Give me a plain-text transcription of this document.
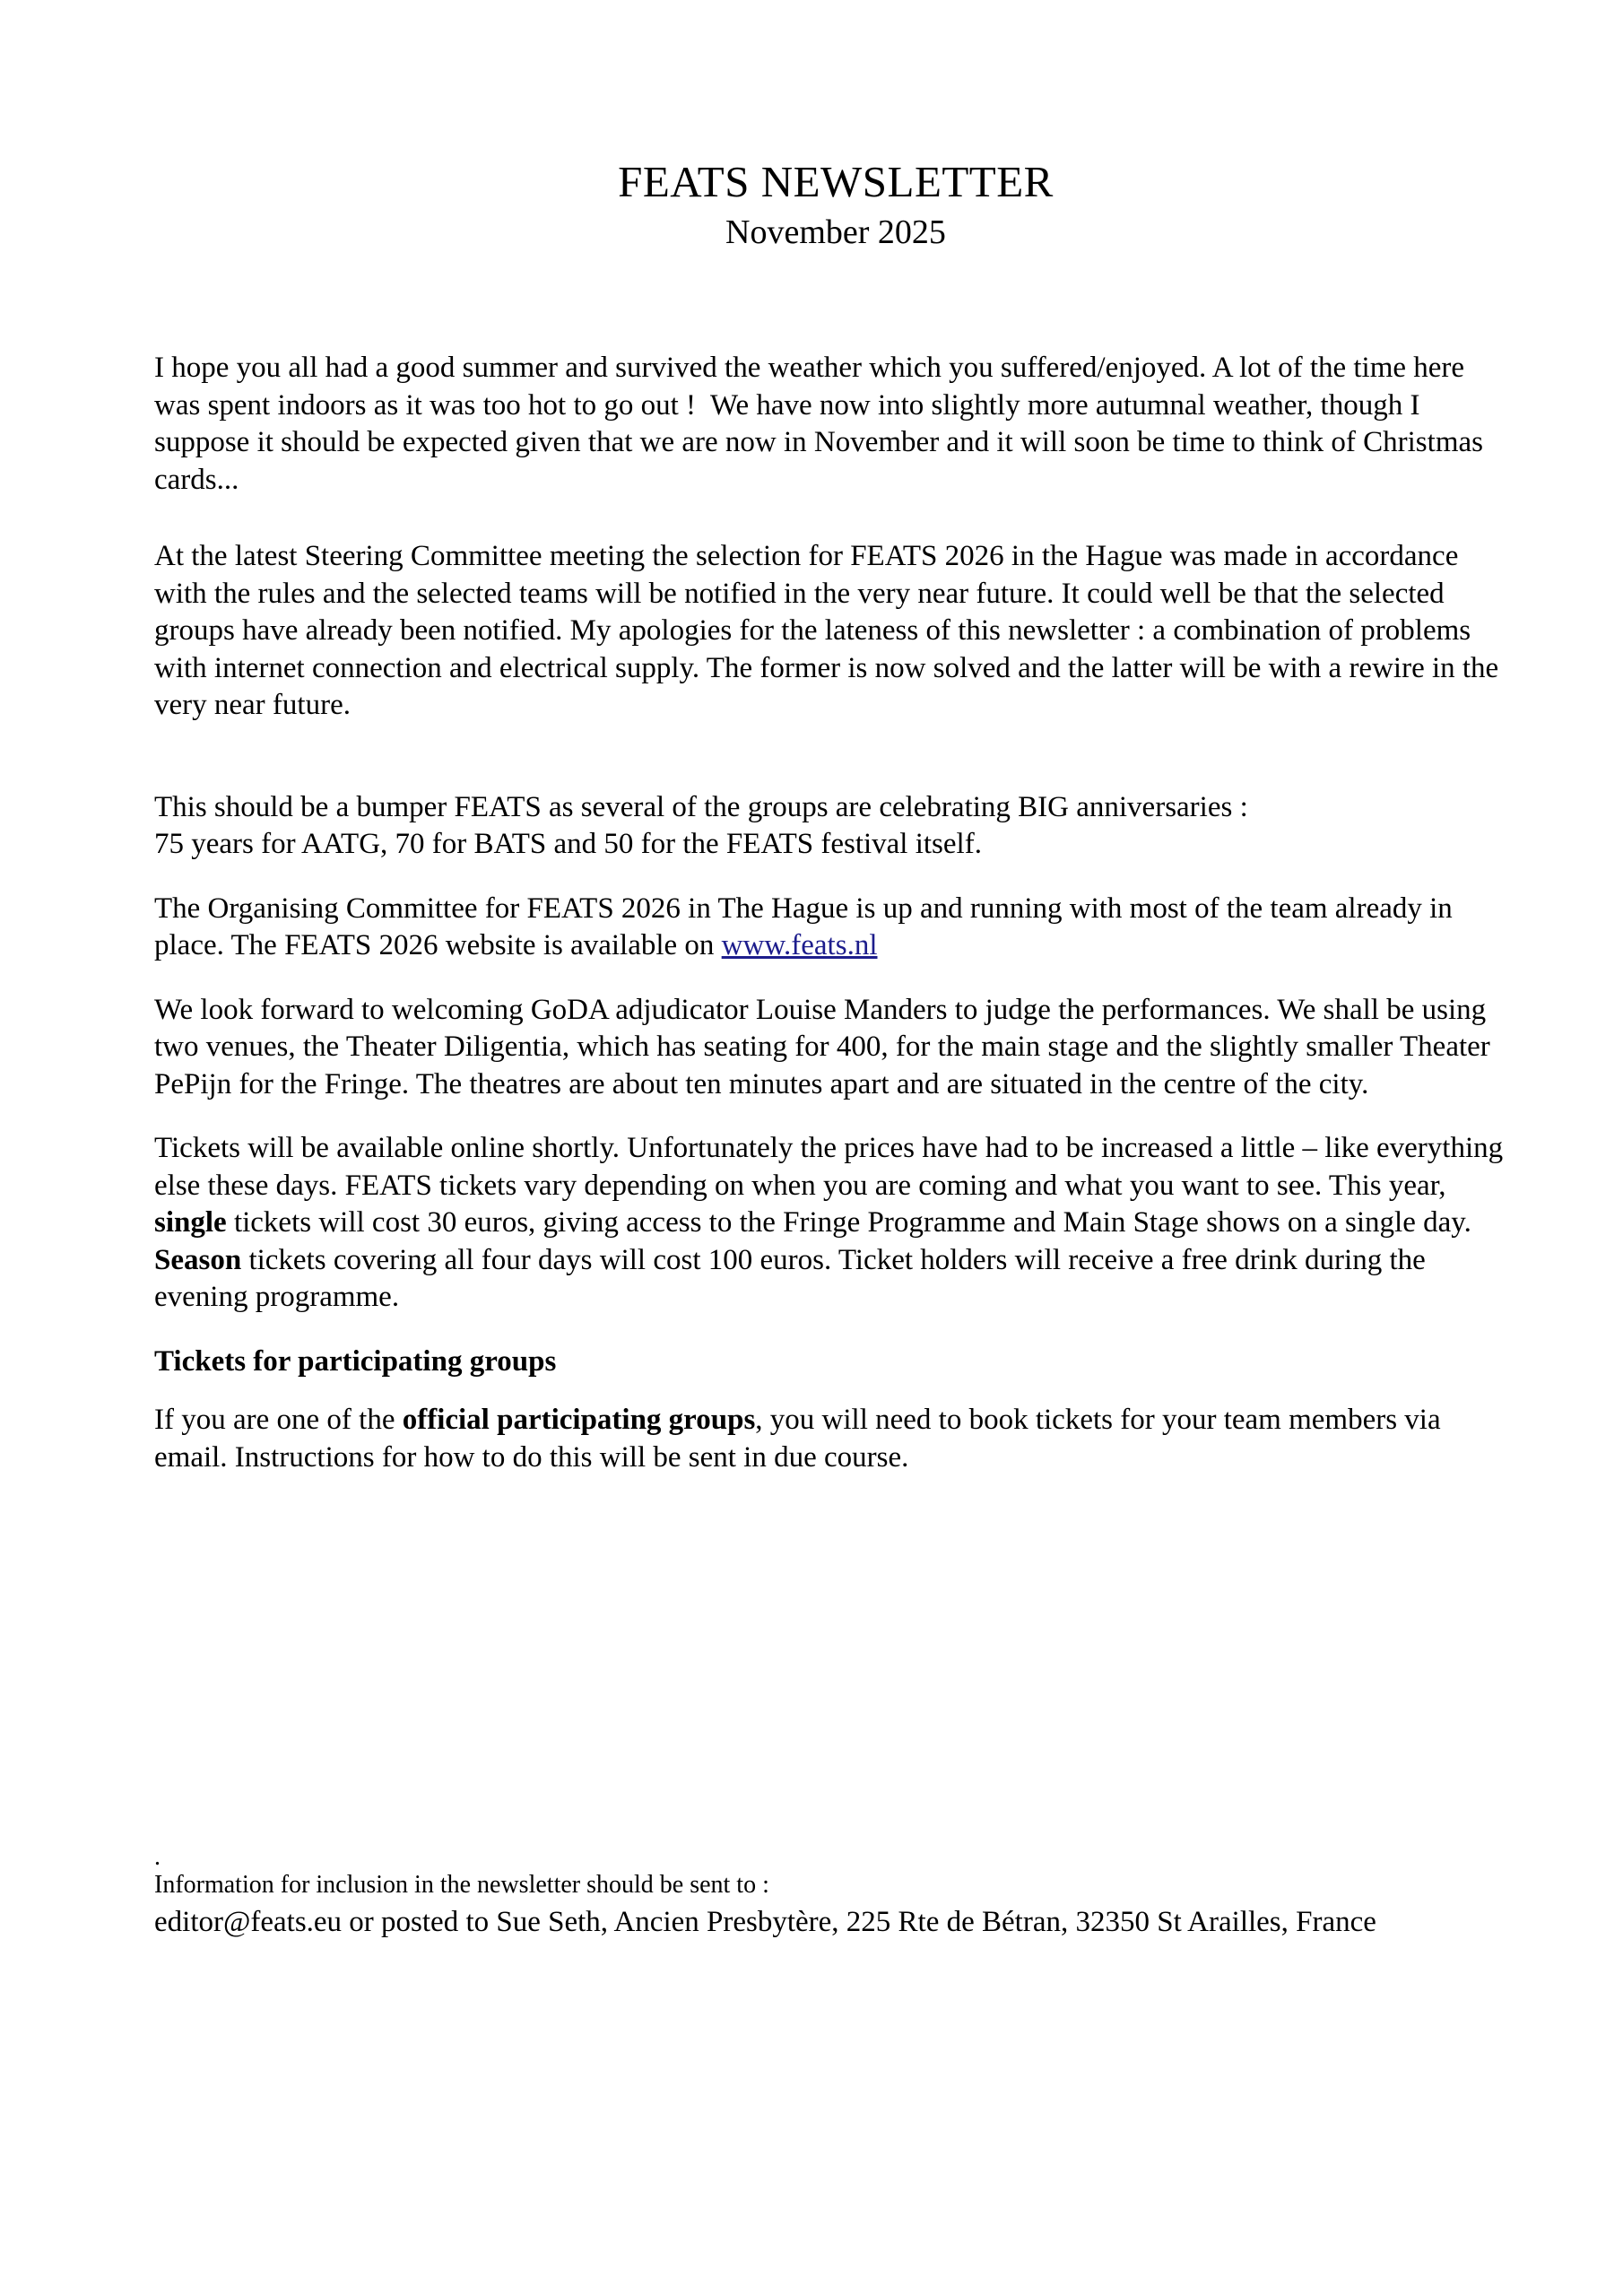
FEATS NEWSLETTER
November 2025

I hope you all had a good summer and survived the weather which you suffered/enjoyed. A lot of the time here was spent indoors as it was too hot to go out !  We have now into slightly more autumnal weather, though I suppose it should be expected given that we are now in November and it will soon be time to think of Christmas cards...

At the latest Steering Committee meeting the selection for FEATS 2026 in the Hague was made in accordance with the rules and the selected teams will be notified in the very near future. It could well be that the selected groups have already been notified. My apologies for the lateness of this newsletter : a combination of problems with internet connection and electrical supply. The former is now solved and the latter will be with a rewire in the very near future.

This should be a bumper FEATS as several of the groups are celebrating BIG anniversaries :
75 years for AATG, 70 for BATS and 50 for the FEATS festival itself.

The Organising Committee for FEATS 2026 in The Hague is up and running with most of the team already in place. The FEATS 2026 website is available on www.feats.nl

We look forward to welcoming GoDA adjudicator Louise Manders to judge the performances. We shall be using two venues, the Theater Diligentia, which has seating for 400, for the main stage and the slightly smaller Theater PePijn for the Fringe. The theatres are about ten minutes apart and are situated in the centre of the city.

Tickets will be available online shortly. Unfortunately the prices have had to be increased a little – like everything else these days. FEATS tickets vary depending on when you are coming and what you want to see. This year, single tickets will cost 30 euros, giving access to the Fringe Programme and Main Stage shows on a single day. Season tickets covering all four days will cost 100 euros. Ticket holders will receive a free drink during the evening programme.

Tickets for participating groups

If you are one of the official participating groups, you will need to book tickets for your team members via email. Instructions for how to do this will be sent in due course.

.

Information for inclusion in the newsletter should be sent to :

editor@feats.eu or posted to Sue Seth, Ancien Presbytère, 225 Rte de Bétran, 32350 St Arailles, France
